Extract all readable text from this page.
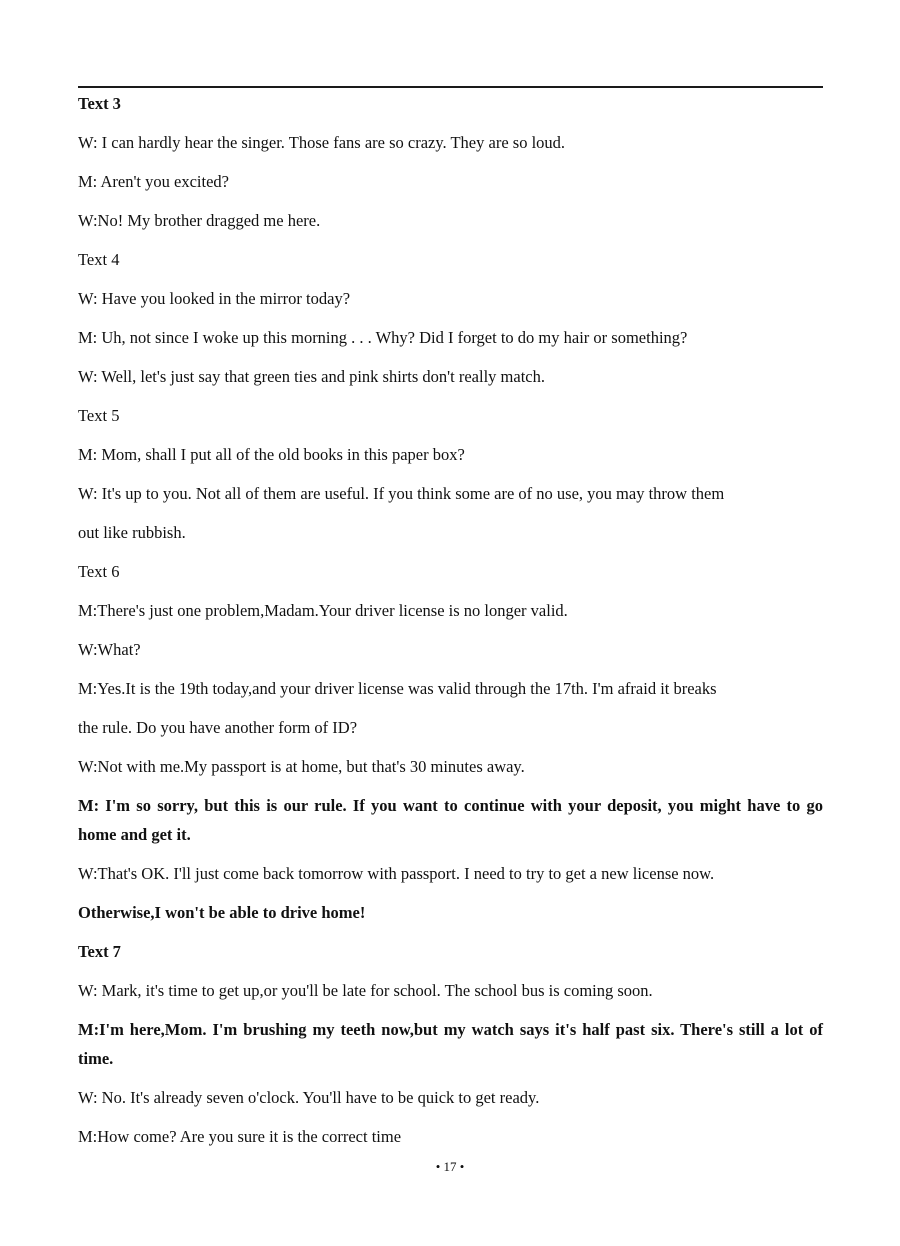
Text 3
W: I can hardly hear the singer. Those fans are so crazy. They are so loud.
M: Aren't you excited?
W:No! My brother dragged me here.
Text 4
W: Have you looked in the mirror today?
M: Uh, not since I woke up this morning . . . Why? Did I forget to do my hair or something?
W: Well, let's just say that green ties and pink shirts don't really match.
Text 5
M: Mom, shall I put all of the old books in this paper box?
W: It's up to you. Not all of them are useful. If you think some are of no use, you may throw them
out like rubbish.
Text 6
M:There's just one problem,Madam.Your driver license is no longer valid.
W:What?
M:Yes.It is the 19th today,and your driver license was valid through the 17th. I'm afraid it breaks
the rule. Do you have another form of ID?
W:Not with me.My passport is at home, but that's 30 minutes away.
M: I'm so sorry, but this is our rule. If you want to continue with your deposit, you might have to go
home and get it.
W:That's OK. I'll just come back tomorrow with passport. I need to try to get a new license now.
Otherwise,I won't be able to drive home!
Text 7
W: Mark, it's time to get up,or you'll be late for school. The school bus is coming soon.
M:I'm here,Mom. I'm brushing my teeth now,but my watch says it's half past six. There's still a lot of
time.
W: No. It's already seven o'clock. You'll have to be quick to get ready.
M:How come? Are you sure it is the correct time
• 17 •
